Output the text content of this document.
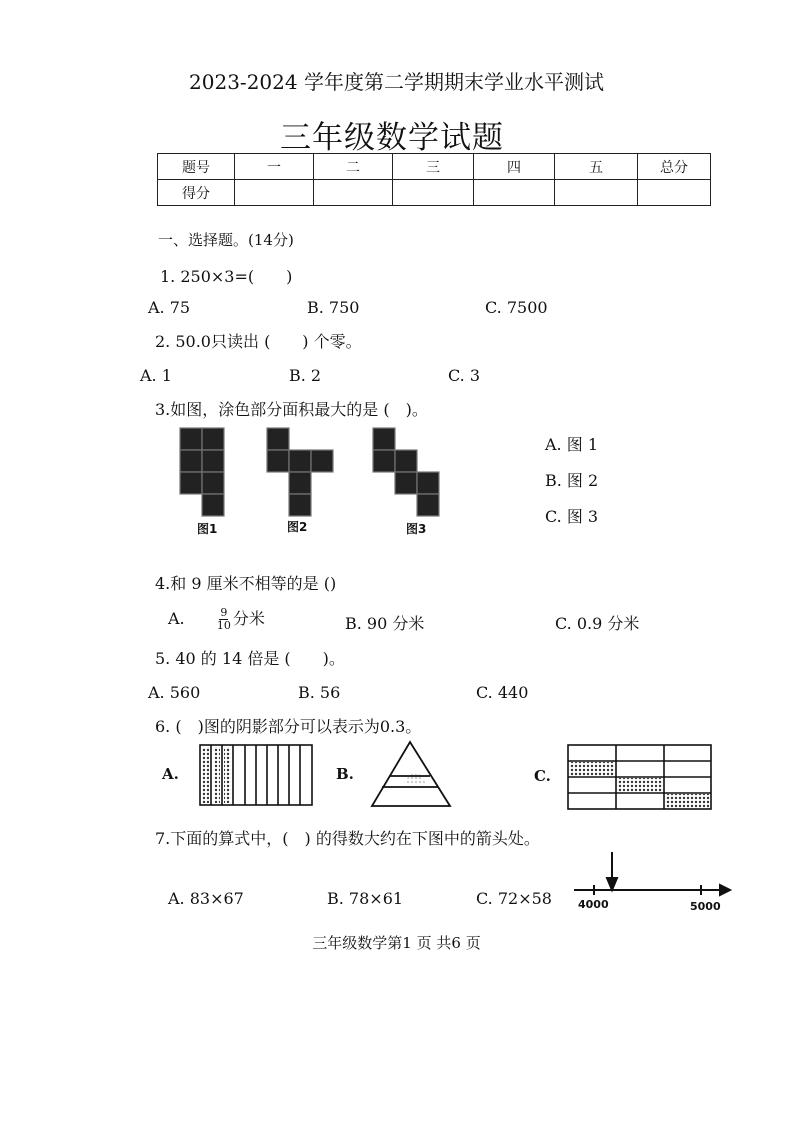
2023-2024 学年度第二学期期末学业水平测试
三年级数学试题
题号	一	二	三	四	五	总分
得分						
一、选择题。(14分)
1. 250×3=(　　)
A. 75	B. 750	C. 7500
2. 50.0只读出 (　　) 个零。
A. 1	B. 2	C. 3
3.如图，涂色部分面积最大的是 (　)。
图1	图2	图3
A. 图 1
B. 图 2
C. 图 3
4.和 9 厘米不相等的是 ()
A.	$\frac{9}{10}$ 分米	B. 90 分米	C. 0.9 分米
5. 40 的 14 倍是 (　　)。
A. 560	B. 56	C. 440
6. (　)图的阴影部分可以表示为0.3。
A.	B.	C.
7.下面的算式中，(　) 的得数大约在下图中的箭头处。
A. 83×67	B. 78×61	C. 72×58 4000	5000
三年级数学第1 页 共6 页
